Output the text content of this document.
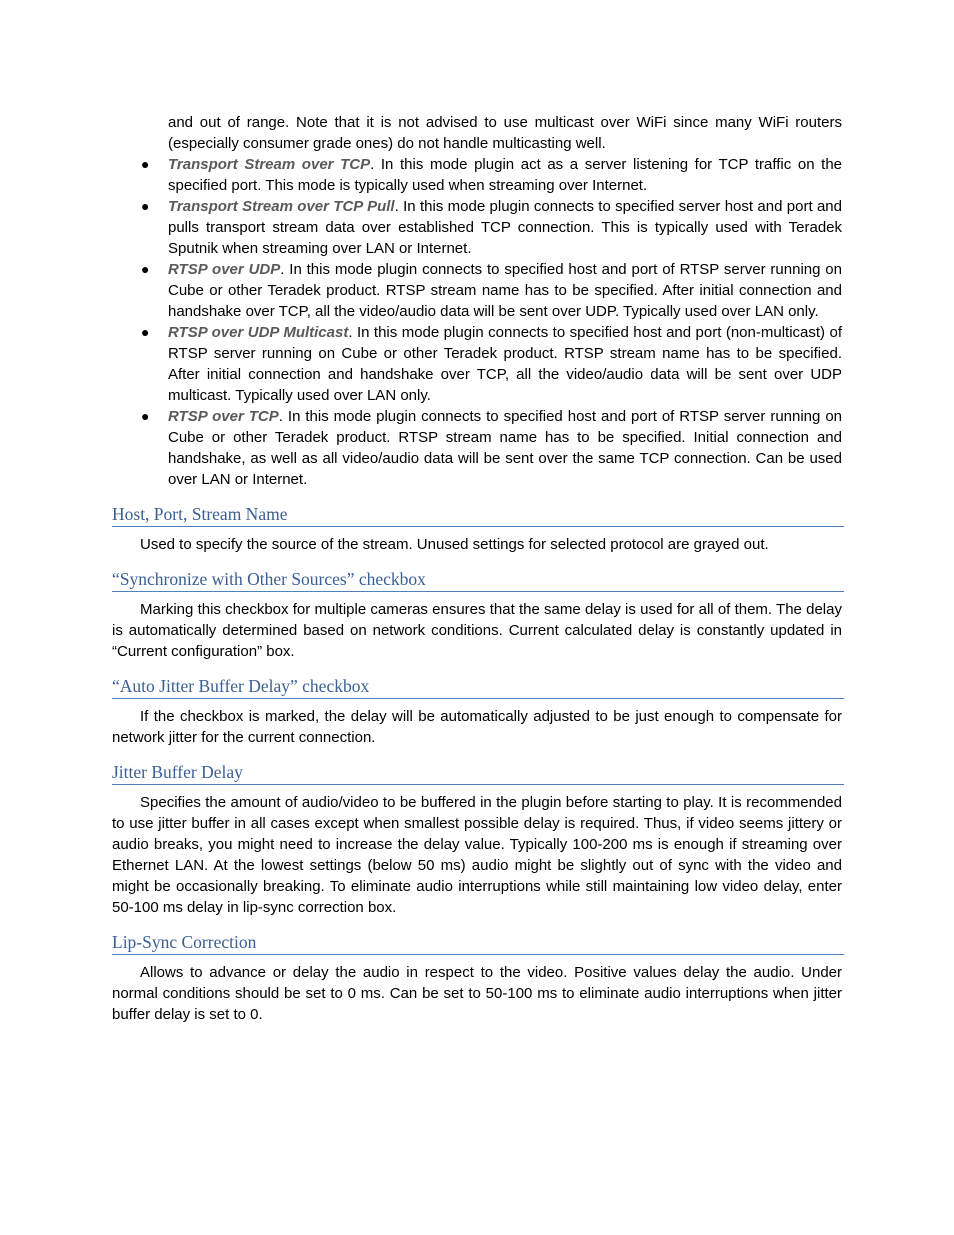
and out of range. Note that it is not advised to use multicast over WiFi since many WiFi routers (especially consumer grade ones) do not handle multicasting well.
● Transport Stream over TCP. In this mode plugin act as a server listening for TCP traffic on the specified port. This mode is typically used when streaming over Internet.
● Transport Stream over TCP Pull. In this mode plugin connects to specified server host and port and pulls transport stream data over established TCP connection. This is typically used with Teradek Sputnik when streaming over LAN or Internet.
● RTSP over UDP. In this mode plugin connects to specified host and port of RTSP server running on Cube or other Teradek product. RTSP stream name has to be specified. After initial connection and handshake over TCP, all the video/audio data will be sent over UDP. Typically used over LAN only.
● RTSP over UDP Multicast. In this mode plugin connects to specified host and port (non-multicast) of RTSP server running on Cube or other Teradek product. RTSP stream name has to be specified. After initial connection and handshake over TCP, all the video/audio data will be sent over UDP multicast. Typically used over LAN only.
● RTSP over TCP. In this mode plugin connects to specified host and port of RTSP server running on Cube or other Teradek product. RTSP stream name has to be specified. Initial connection and handshake, as well as all video/audio data will be sent over the same TCP connection. Can be used over LAN or Internet.
Host, Port, Stream Name

Used to specify the source of the stream. Unused settings for selected protocol are grayed out.

“Synchronize with Other Sources” checkbox

Marking this checkbox for multiple cameras ensures that the same delay is used for all of them. The delay is automatically determined based on network conditions. Current calculated delay is constantly updated in “Current configuration” box.

“Auto Jitter Buffer Delay” checkbox

If the checkbox is marked, the delay will be automatically adjusted to be just enough to compensate for network jitter for the current connection.

Jitter Buffer Delay

Specifies the amount of audio/video to be buffered in the plugin before starting to play. It is recommended to use jitter buffer in all cases except when smallest possible delay is required. Thus, if video seems jittery or audio breaks, you might need to increase the delay value. Typically 100-200 ms is enough if streaming over Ethernet LAN. At the lowest settings (below 50 ms) audio might be slightly out of sync with the video and might be occasionally breaking. To eliminate audio interruptions while still maintaining low video delay, enter 50-100 ms delay in lip-sync correction box.

Lip-Sync Correction

Allows to advance or delay the audio in respect to the video. Positive values delay the audio. Under normal conditions should be set to 0 ms. Can be set to 50-100 ms to eliminate audio interruptions when jitter buffer delay is set to 0.
